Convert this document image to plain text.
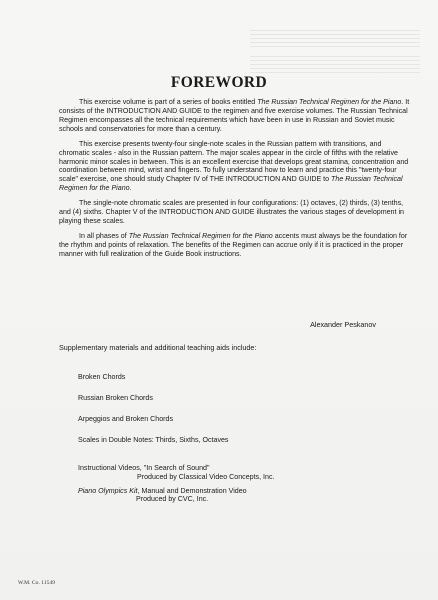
FOREWORD

This exercise volume is part of a series of books entitled The Russian Technical Regimen for the Piano. It consists of the INTRODUCTION AND GUIDE to the regimen and five exercise volumes. The Russian Technical Regimen encompasses all the technical requirements which have been in use in Russian and Soviet music schools and conservatories for more than a century.

This exercise presents twenty-four single-note scales in the Russian pattern with transitions, and chromatic scales - also in the Russian pattern. The major scales appear in the circle of fifths with the relative harmonic minor scales in between. This is an excellent exercise that develops great stamina, concentration and coordination between mind, wrist and fingers. To fully understand how to learn and practice this "twenty-four scale" exercise, one should study Chapter IV of THE INTRODUCTION AND GUIDE to The Russian Technical Regimen for the Piano.

The single-note chromatic scales are presented in four configurations: (1) octaves, (2) thirds, (3) tenths, and (4) sixths. Chapter V of the INTRODUCTION AND GUIDE illustrates the various stages of development in playing these scales.

In all phases of The Russian Technical Regimen for the Piano accents must always be the foundation for the rhythm and points of relaxation. The benefits of the Regimen can accrue only if it is practiced in the proper manner with full realization of the Guide Book instructions.

Alexander Peskanov
Supplementary materials and additional teaching aids include:
Broken Chords
Russian Broken Chords
Arpeggios and Broken Chords
Scales in Double Notes: Thirds, Sixths, Octaves
Instructional Videos, "In Search of Sound"
Produced by Classical Video Concepts, Inc.
Piano Olympics Kit, Manual and Demonstration Video
Produced by CVC, Inc.
W.M. Co. 11549
